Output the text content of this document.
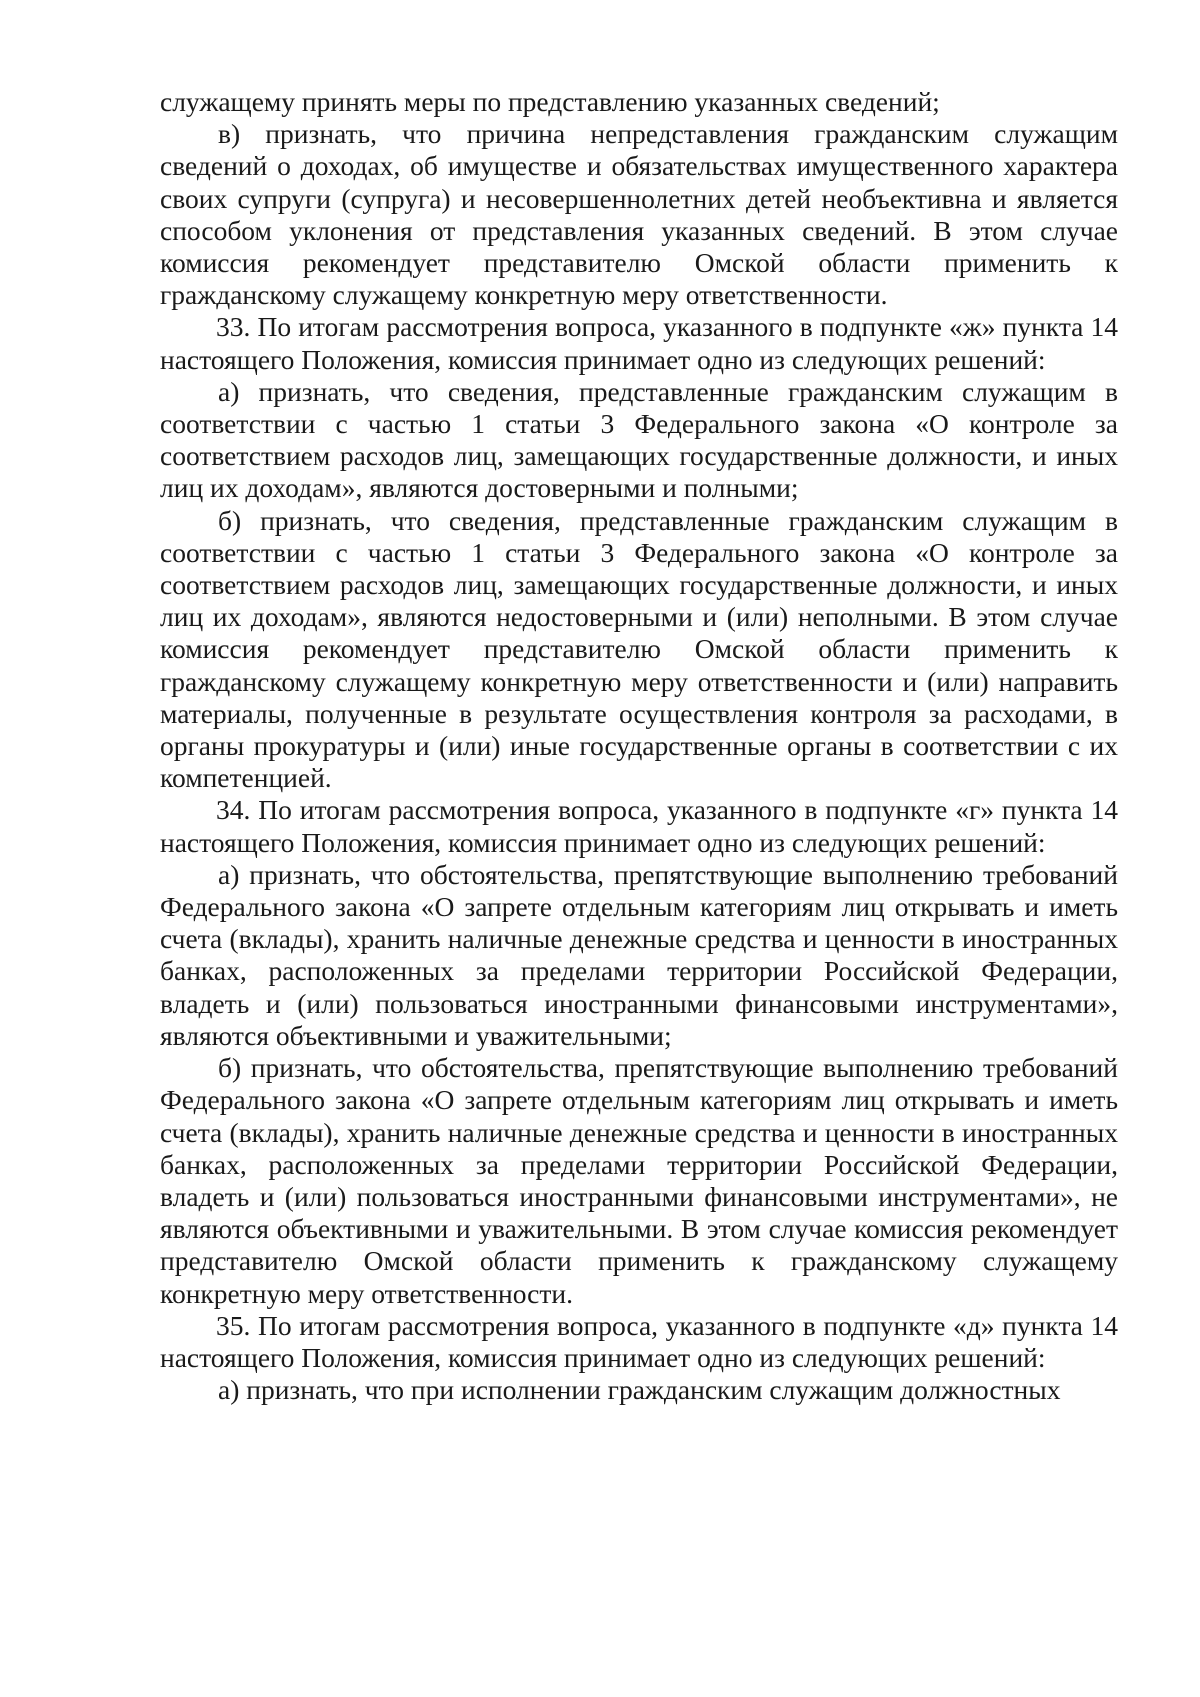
служащему принять меры по представлению указанных сведений;

в) признать, что причина непредставления гражданским служащим сведений о доходах, об имуществе и обязательствах имущественного характера своих супруги (супруга) и несовершеннолетних детей необъективна и является способом уклонения от представления указанных сведений. В этом случае комиссия рекомендует представителю Омской области применить к гражданскому служащему конкретную меру ответственности.

33. По итогам рассмотрения вопроса, указанного в подпункте «ж» пункта 14 настоящего Положения, комиссия принимает одно из следующих решений:

а) признать, что сведения, представленные гражданским служащим в соответствии с частью 1 статьи 3 Федерального закона «О контроле за соответствием расходов лиц, замещающих государственные должности, и иных лиц их доходам», являются достоверными и полными;

б) признать, что сведения, представленные гражданским служащим в соответствии с частью 1 статьи 3 Федерального закона «О контроле за соответствием расходов лиц, замещающих государственные должности, и иных лиц их доходам», являются недостоверными и (или) неполными. В этом случае комиссия рекомендует представителю Омской области применить к гражданскому служащему конкретную меру ответственности и (или) направить материалы, полученные в результате осуществления контроля за расходами, в органы прокуратуры и (или) иные государственные органы в соответствии с их компетенцией.

34. По итогам рассмотрения вопроса, указанного в подпункте «г» пункта 14 настоящего Положения, комиссия принимает одно из следующих решений:

а) признать, что обстоятельства, препятствующие выполнению требований Федерального закона «О запрете отдельным категориям лиц открывать и иметь счета (вклады), хранить наличные денежные средства и ценности в иностранных банках, расположенных за пределами территории Российской Федерации, владеть и (или) пользоваться иностранными финансовыми инструментами», являются объективными и уважительными;

б) признать, что обстоятельства, препятствующие выполнению требований Федерального закона «О запрете отдельным категориям лиц открывать и иметь счета (вклады), хранить наличные денежные средства и ценности в иностранных банках, расположенных за пределами территории Российской Федерации, владеть и (или) пользоваться иностранными финансовыми инструментами», не являются объективными и уважительными. В этом случае комиссия рекомендует представителю Омской области применить к гражданскому служащему конкретную меру ответственности.

35. По итогам рассмотрения вопроса, указанного в подпункте «д» пункта 14 настоящего Положения, комиссия принимает одно из следующих решений:

а) признать, что при исполнении гражданским служащим должностных
